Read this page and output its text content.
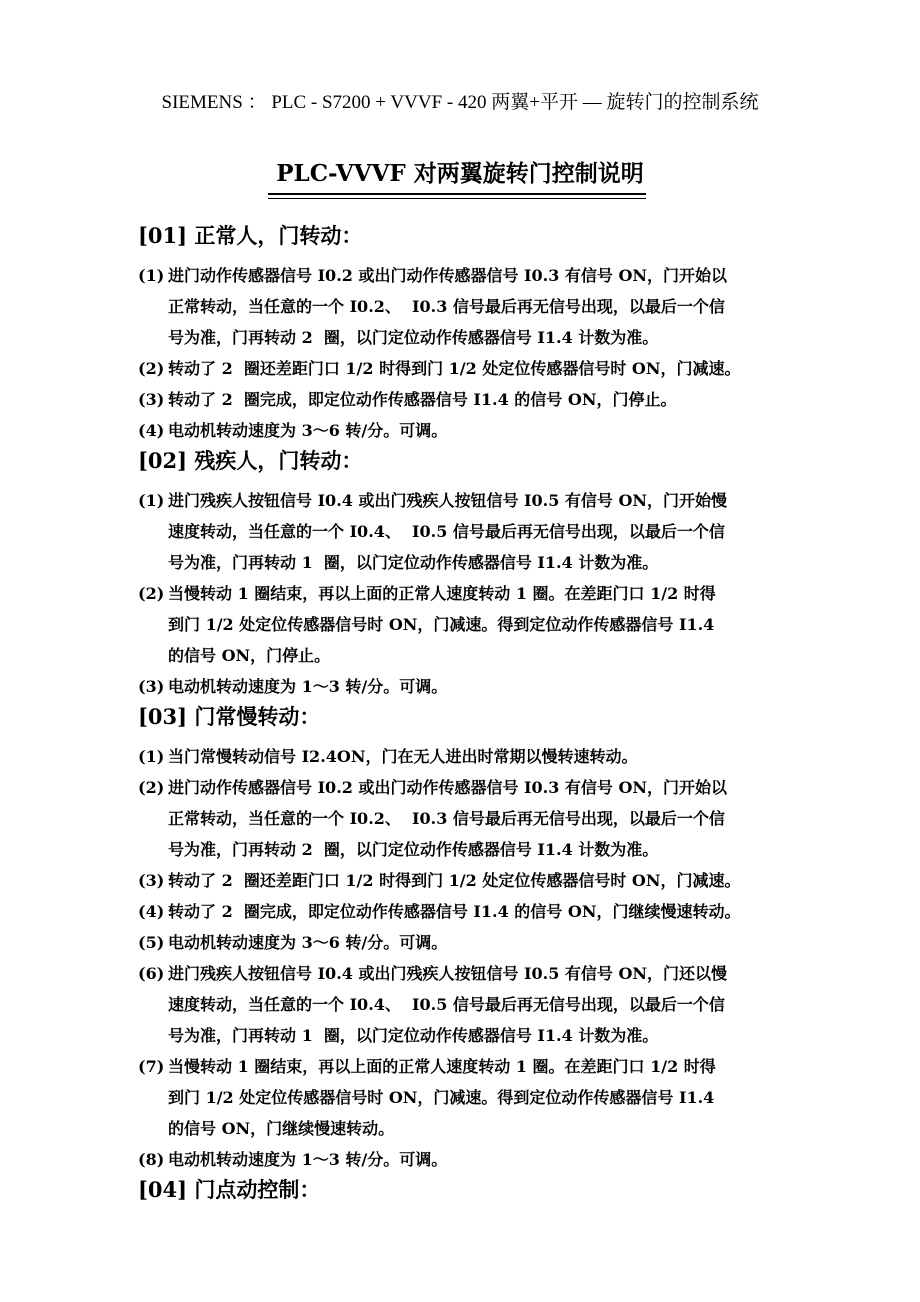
SIEMENS ： PLC - S7200 + VVVF - 420 两翼+平开 — 旋转门的控制系统
PLC-VVVF 对两翼旋转门控制说明
[01] 正常人，门转动：
(1) 进门动作传感器信号 I0.2 或出门动作传感器信号 I0.3 有信号 ON，门开始以
正常转动，当任意的一个 I0.2、  I0.3 信号最后再无信号出现，以最后一个信
号为准，门再转动 2  圈，以门定位动作传感器信号 I1.4 计数为准。
(2) 转动了 2  圈还差距门口 1/2 时得到门 1/2 处定位传感器信号时 ON，门减速。
(3) 转动了 2  圈完成，即定位动作传感器信号 I1.4 的信号 ON，门停止。
(4) 电动机转动速度为 3～6 转/分。可调。
[02] 残疾人，门转动：
(1) 进门残疾人按钮信号 I0.4 或出门残疾人按钮信号 I0.5 有信号 ON，门开始慢
速度转动，当任意的一个 I0.4、  I0.5 信号最后再无信号出现，以最后一个信
号为准，门再转动 1  圈，以门定位动作传感器信号 I1.4 计数为准。
(2) 当慢转动 1 圈结束，再以上面的正常人速度转动 1 圈。在差距门口 1/2 时得
到门 1/2 处定位传感器信号时 ON，门减速。得到定位动作传感器信号 I1.4
的信号 ON，门停止。
(3) 电动机转动速度为 1～3 转/分。可调。
[03] 门常慢转动：
(1) 当门常慢转动信号 I2.4ON，门在无人进出时常期以慢转速转动。
(2) 进门动作传感器信号 I0.2 或出门动作传感器信号 I0.3 有信号 ON，门开始以
正常转动，当任意的一个 I0.2、  I0.3 信号最后再无信号出现，以最后一个信
号为准，门再转动 2  圈，以门定位动作传感器信号 I1.4 计数为准。
(3) 转动了 2  圈还差距门口 1/2 时得到门 1/2 处定位传感器信号时 ON，门减速。
(4) 转动了 2  圈完成，即定位动作传感器信号 I1.4 的信号 ON，门继续慢速转动。
(5) 电动机转动速度为 3～6 转/分。可调。
(6) 进门残疾人按钮信号 I0.4 或出门残疾人按钮信号 I0.5 有信号 ON，门还以慢
速度转动，当任意的一个 I0.4、  I0.5 信号最后再无信号出现，以最后一个信
号为准，门再转动 1  圈，以门定位动作传感器信号 I1.4 计数为准。
(7) 当慢转动 1 圈结束，再以上面的正常人速度转动 1 圈。在差距门口 1/2 时得
到门 1/2 处定位传感器信号时 ON，门减速。得到定位动作传感器信号 I1.4
的信号 ON，门继续慢速转动。
(8) 电动机转动速度为 1～3 转/分。可调。
[04] 门点动控制：
